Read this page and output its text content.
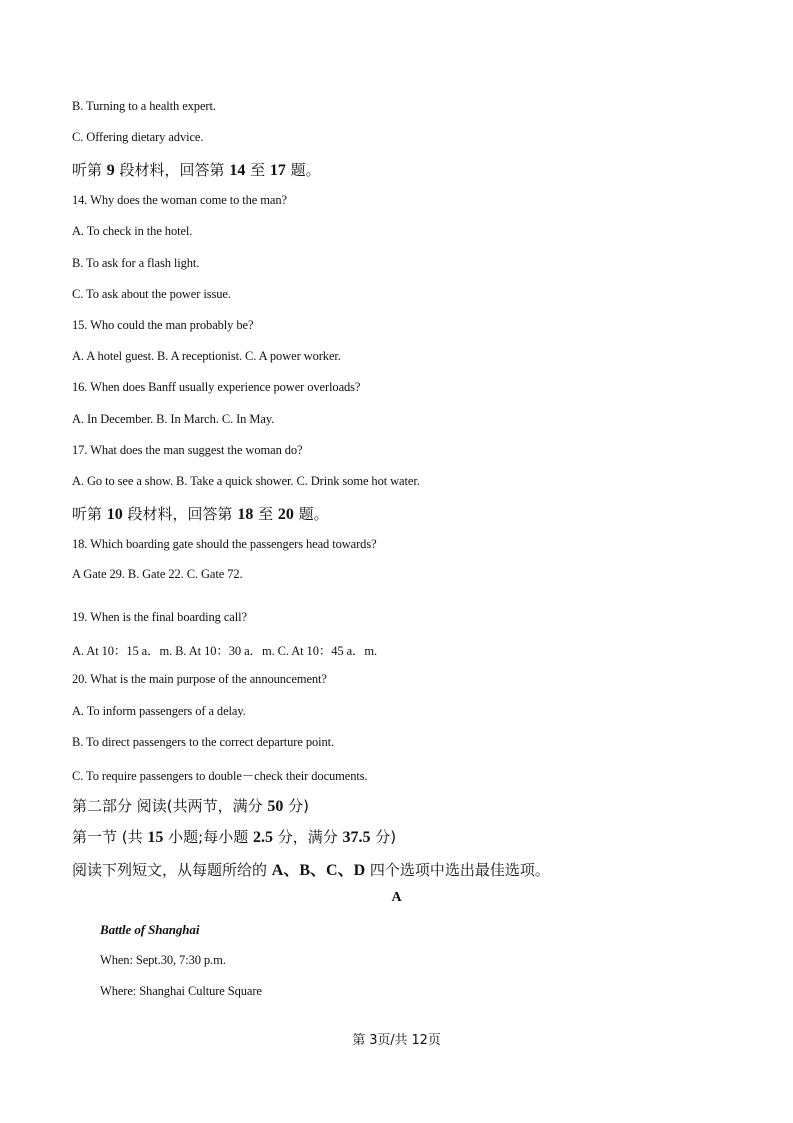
B. Turning to a health expert.
C. Offering dietary advice.
听第 9 段材料，回答第 14 至 17 题。
14. Why does the woman come to the man?
A. To check in the hotel.
B. To ask for a flash light.
C. To ask about the power issue.
15. Who could the man probably be?
A. A hotel guest. B. A receptionist. C. A power worker.
16. When does Banff usually experience power overloads?
A. In December. B. In March. C. In May.
17. What does the man suggest the woman do?
A. Go to see a show. B. Take a quick shower. C. Drink some hot water.
听第 10 段材料，回答第 18 至 20 题。
18. Which boarding gate should the passengers head towards?
A Gate 29. B. Gate 22. C. Gate 72.
19. When is the final boarding call?
A. At 10：15 a．m. B. At 10：30 a．m. C. At 10：45 a．m.
20. What is the main purpose of the announcement?
A. To inform passengers of a delay.
B. To direct passengers to the correct departure point.
C. To require passengers to double－check their documents.
第二部分 阅读(共两节，满分 50 分)
第一节 (共 15 小题;每小题 2.5 分，满分 37.5 分)
阅读下列短文，从每题所给的 A、B、C、D 四个选项中选出最佳选项。
A
Battle of Shanghai
When: Sept.30, 7:30 p.m.
Where: Shanghai Culture Square
第 3页/共 12页
